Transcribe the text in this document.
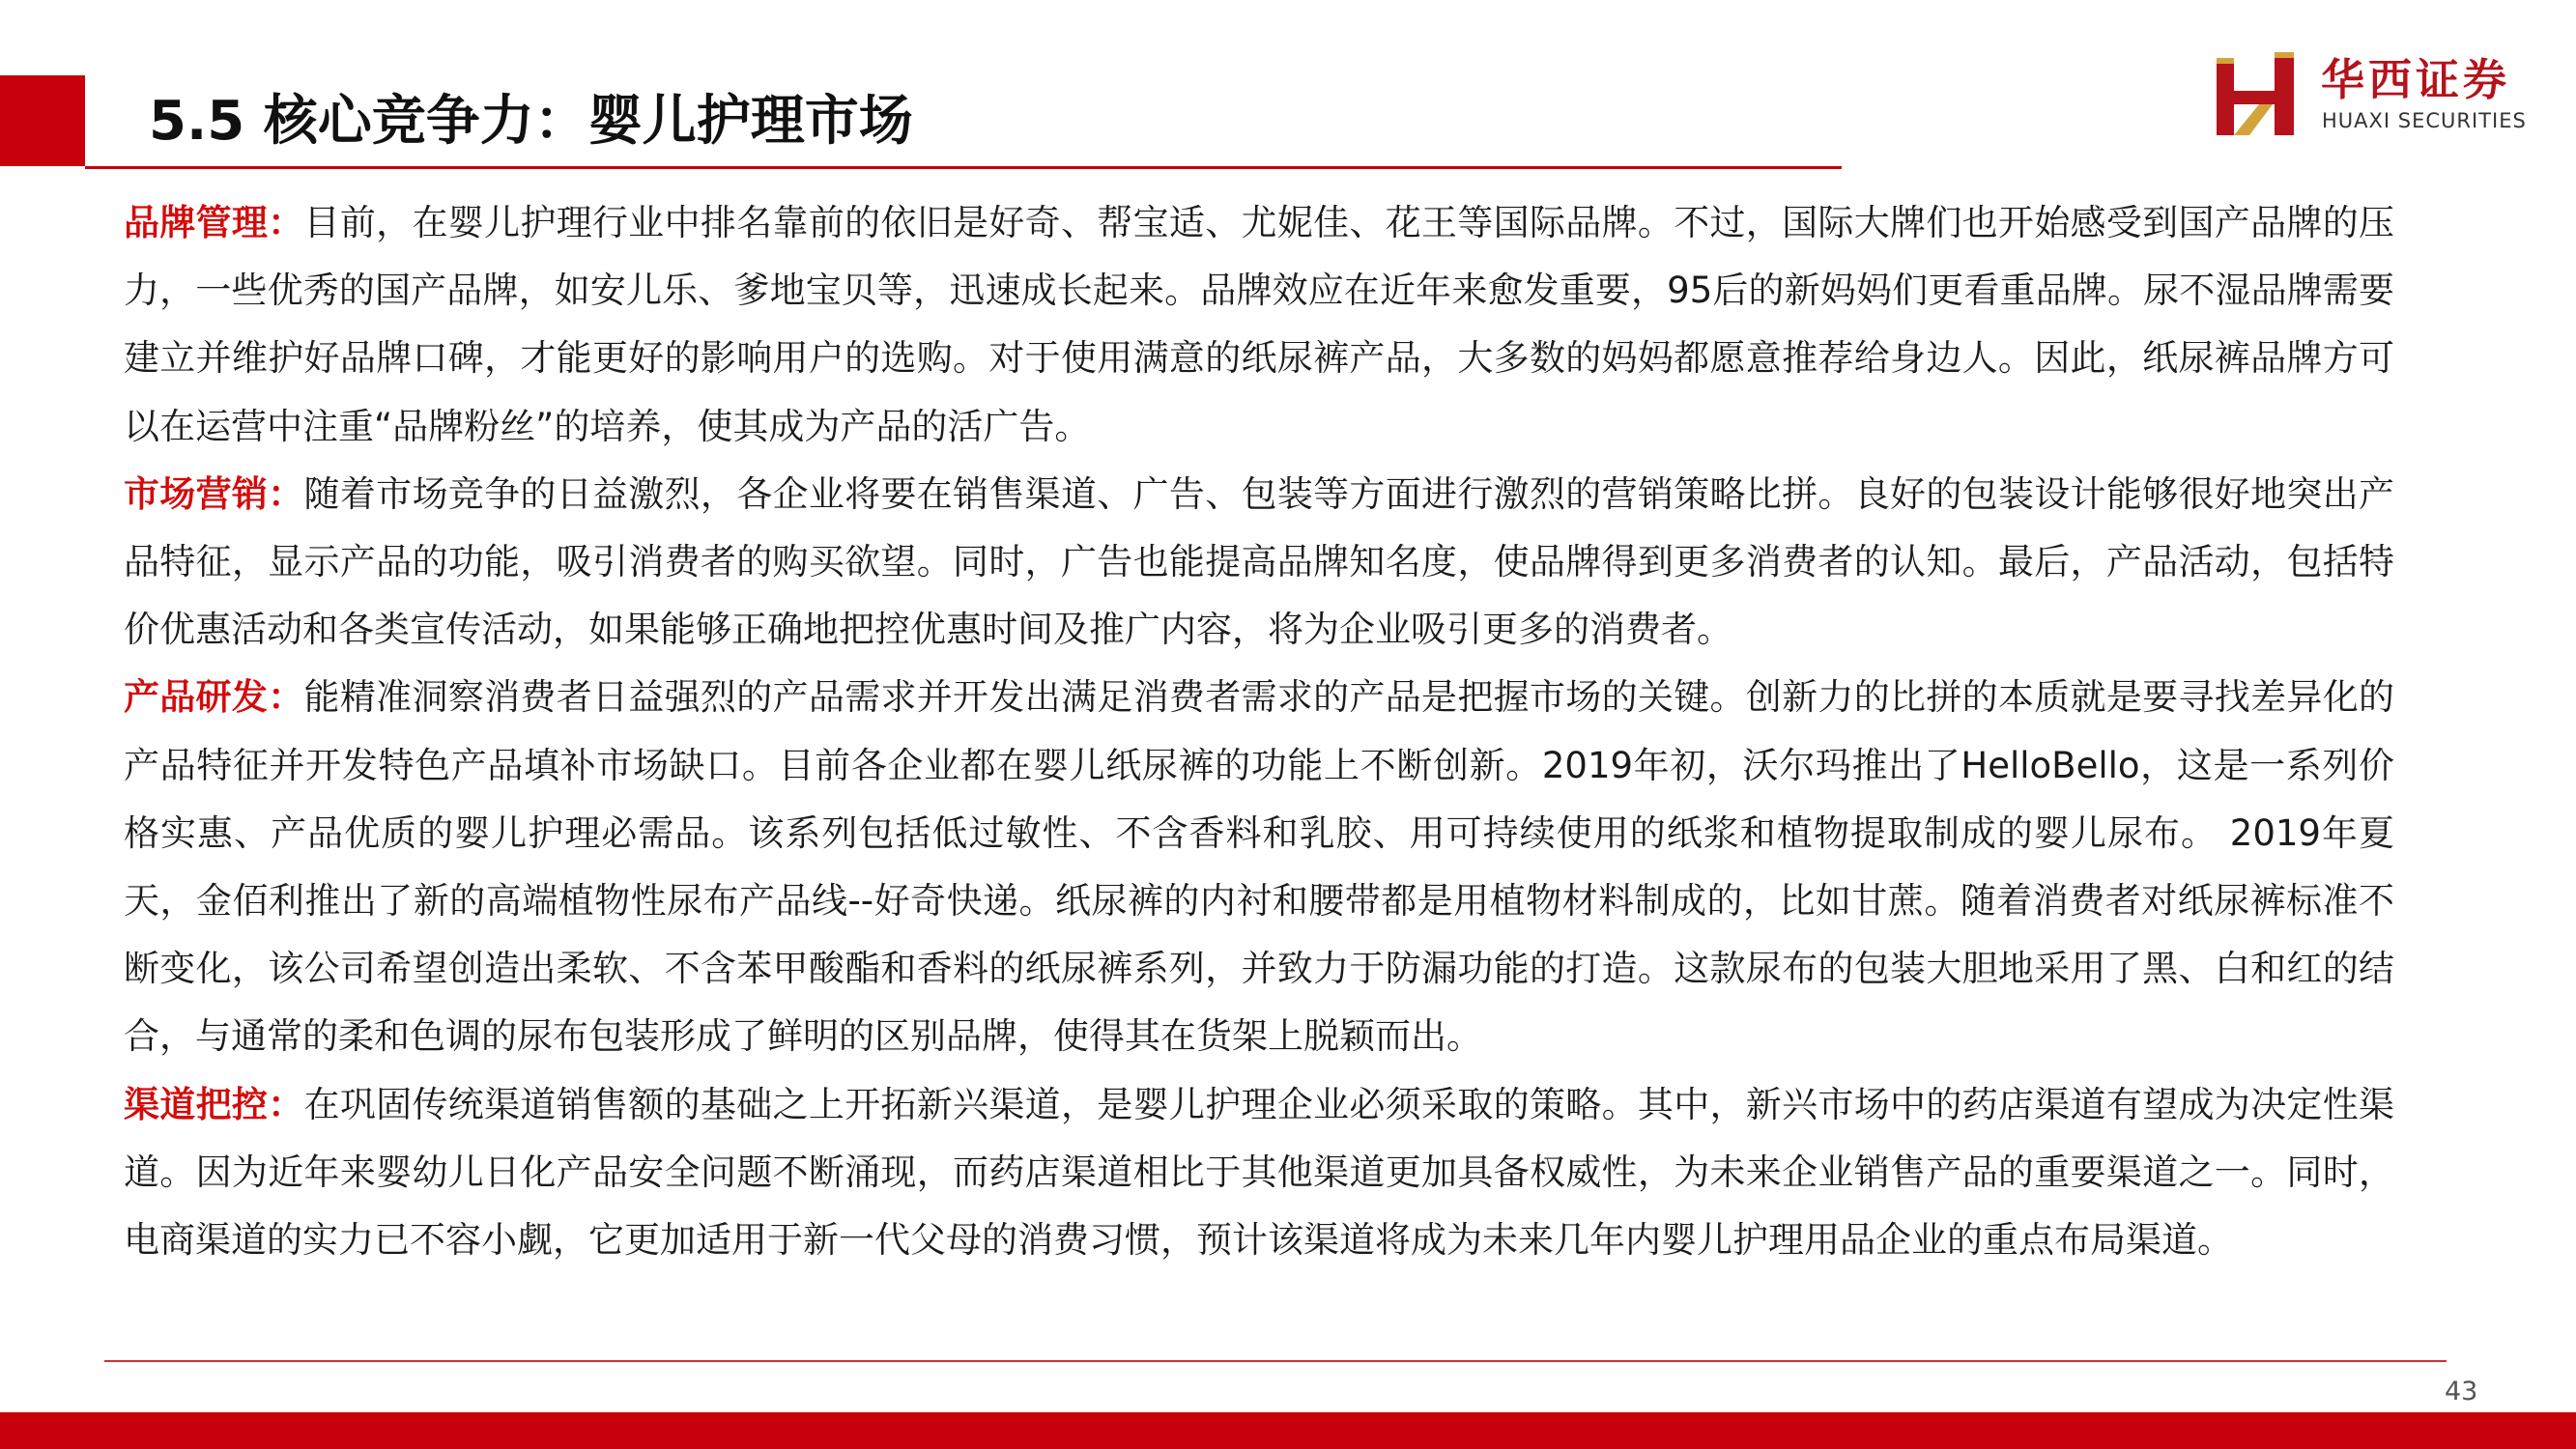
5.5 核心竞争力：婴儿护理市场
华西证券
HUAXI SECURITIES

品牌管理：目前，在婴儿护理行业中排名靠前的依旧是好奇、帮宝适、尤妮佳、花王等国际品牌。不过，国际大牌们也开始感受到国产品牌的压力，一些优秀的国产品牌，如安儿乐、爹地宝贝等，迅速成长起来。品牌效应在近年来愈发重要，95后的新妈妈们更看重品牌。尿不湿品牌需要建立并维护好品牌口碑，才能更好的影响用户的选购。对于使用满意的纸尿裤产品，大多数的妈妈都愿意推荐给身边人。因此，纸尿裤品牌方可以在运营中注重“品牌粉丝”的培养，使其成为产品的活广告。

市场营销：随着市场竞争的日益激烈，各企业将要在销售渠道、广告、包装等方面进行激烈的营销策略比拼。良好的包装设计能够很好地突出产品特征，显示产品的功能，吸引消费者的购买欲望。同时，广告也能提高品牌知名度，使品牌得到更多消费者的认知。最后，产品活动，包括特价优惠活动和各类宣传活动，如果能够正确地把控优惠时间及推广内容，将为企业吸引更多的消费者。

产品研发：能精准洞察消费者日益强烈的产品需求并开发出满足消费者需求的产品是把握市场的关键。创新力的比拼的本质就是要寻找差异化的产品特征并开发特色产品填补市场缺口。目前各企业都在婴儿纸尿裤的功能上不断创新。2019年初，沃尔玛推出了HelloBello，这是一系列价格实惠、产品优质的婴儿护理必需品。该系列包括低过敏性、不含香料和乳胶、用可持续使用的纸浆和植物提取制成的婴儿尿布。 2019年夏天，金佰利推出了新的高端植物性尿布产品线--好奇快递。纸尿裤的内衬和腰带都是用植物材料制成的，比如甘蔗。随着消费者对纸尿裤标准不断变化，该公司希望创造出柔软、不含苯甲酸酯和香料的纸尿裤系列，并致力于防漏功能的打造。这款尿布的包装大胆地采用了黑、白和红的结合，与通常的柔和色调的尿布包装形成了鲜明的区别品牌，使得其在货架上脱颖而出。

渠道把控：在巩固传统渠道销售额的基础之上开拓新兴渠道，是婴儿护理企业必须采取的策略。其中，新兴市场中的药店渠道有望成为决定性渠道。因为近年来婴幼儿日化产品安全问题不断涌现，而药店渠道相比于其他渠道更加具备权威性，为未来企业销售产品的重要渠道之一。同时，电商渠道的实力已不容小觑，它更加适用于新一代父母的消费习惯，预计该渠道将成为未来几年内婴儿护理用品企业的重点布局渠道。

43
